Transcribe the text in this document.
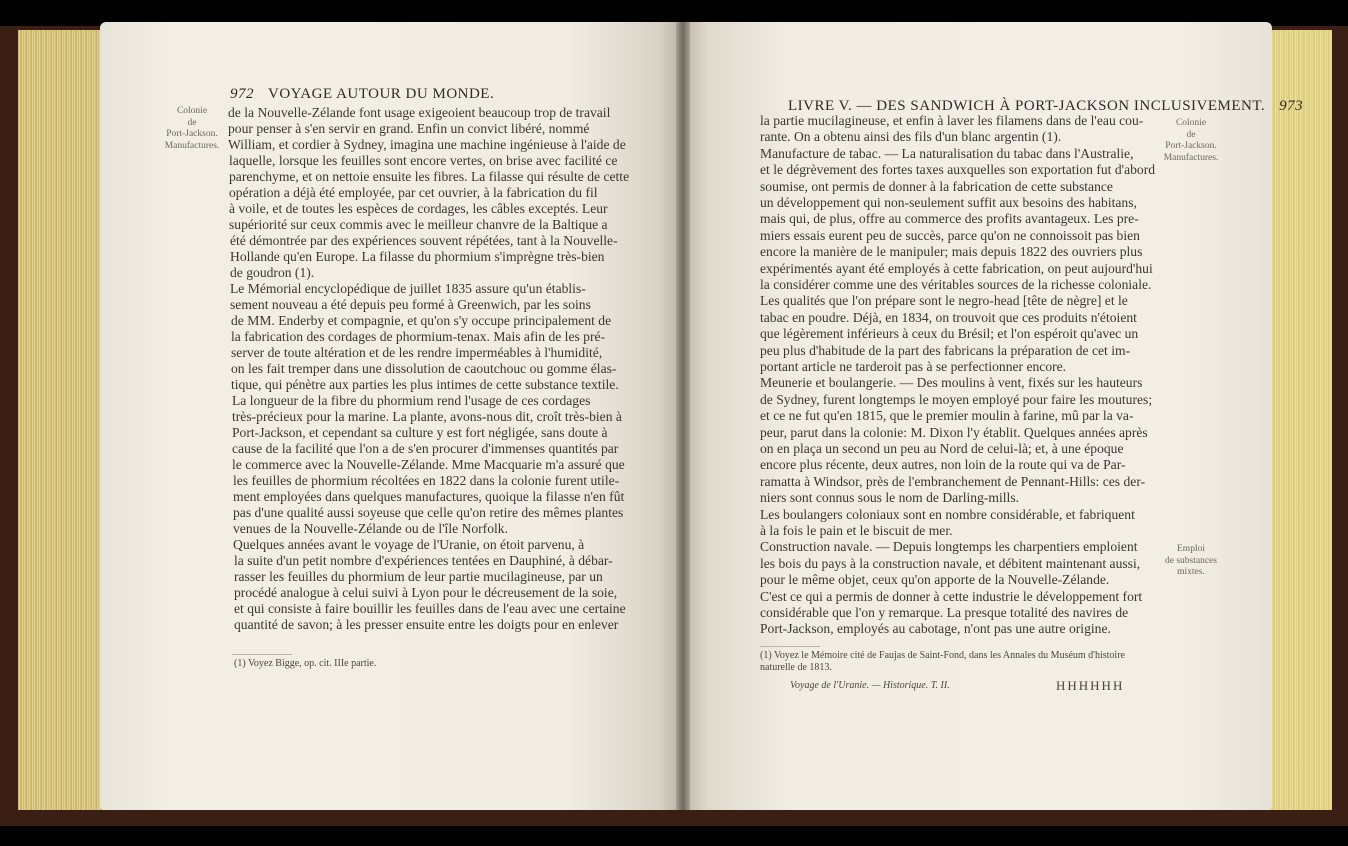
972 VOYAGE AUTOUR DU MONDE.
Colonie
de
Port-Jackson.
Manufactures.
de la Nouvelle-Zélande font usage exigeoient beaucoup trop de travail
pour penser à s'en servir en grand. Enfin un convict libéré, nommé
William, et cordier à Sydney, imagina une machine ingénieuse à l'aide de
laquelle, lorsque les feuilles sont encore vertes, on brise avec facilité ce
parenchyme, et on nettoie ensuite les fibres. La filasse qui résulte de cette
opération a déjà été employée, par cet ouvrier, à la fabrication du fil
à voile, et de toutes les espèces de cordages, les câbles exceptés. Leur
supériorité sur ceux commis avec le meilleur chanvre de la Baltique a
été démontrée par des expériences souvent répétées, tant à la Nouvelle-
Hollande qu'en Europe. La filasse du phormium s'imprègne très-bien
de goudron (1).
Le Mémorial encyclopédique de juillet 1835 assure qu'un établis-
sement nouveau a été depuis peu formé à Greenwich, par les soins
de MM. Enderby et compagnie, et qu'on s'y occupe principalement de
la fabrication des cordages de phormium-tenax. Mais afin de les pré-
server de toute altération et de les rendre imperméables à l'humidité,
on les fait tremper dans une dissolution de caoutchouc ou gomme élas-
tique, qui pénètre aux parties les plus intimes de cette substance textile.
La longueur de la fibre du phormium rend l'usage de ces cordages
très-précieux pour la marine. La plante, avons-nous dit, croît très-bien à
Port-Jackson, et cependant sa culture y est fort négligée, sans doute à
cause de la facilité que l'on a de s'en procurer d'immenses quantités par
le commerce avec la Nouvelle-Zélande. Mme Macquarie m'a assuré que
les feuilles de phormium récoltées en 1822 dans la colonie furent utile-
ment employées dans quelques manufactures, quoique la filasse n'en fût
pas d'une qualité aussi soyeuse que celle qu'on retire des mêmes plantes
venues de la Nouvelle-Zélande ou de l'île Norfolk.
Quelques années avant le voyage de l'Uranie, on étoit parvenu, à
la suite d'un petit nombre d'expériences tentées en Dauphiné, à débar-
rasser les feuilles du phormium de leur partie mucilagineuse, par un
procédé analogue à celui suivi à Lyon pour le décreusement de la soie,
et qui consiste à faire bouillir les feuilles dans de l'eau avec une certaine
quantité de savon; à les presser ensuite entre les doigts pour en enlever
(1) Voyez Bigge, op. cit. IIIe partie.
LIVRE V. — DES SANDWICH À PORT-JACKSON INCLUSIVEMENT. 973
Colonie
de
Port-Jackson.
Manufactures.
Emploi
de substances
mixtes.
la partie mucilagineuse, et enfin à laver les filamens dans de l'eau cou-
rante. On a obtenu ainsi des fils d'un blanc argentin (1).
Manufacture de tabac. — La naturalisation du tabac dans l'Australie,
et le dégrèvement des fortes taxes auxquelles son exportation fut d'abord
soumise, ont permis de donner à la fabrication de cette substance
un développement qui non-seulement suffit aux besoins des habitans,
mais qui, de plus, offre au commerce des profits avantageux. Les pre-
miers essais eurent peu de succès, parce qu'on ne connoissoit pas bien
encore la manière de le manipuler; mais depuis 1822 des ouvriers plus
expérimentés ayant été employés à cette fabrication, on peut aujourd'hui
la considérer comme une des véritables sources de la richesse coloniale.
Les qualités que l'on prépare sont le negro-head [tête de nègre] et le
tabac en poudre. Déjà, en 1834, on trouvoit que ces produits n'étoient
que légèrement inférieurs à ceux du Brésil; et l'on espéroit qu'avec un
peu plus d'habitude de la part des fabricans la préparation de cet im-
portant article ne tarderoit pas à se perfectionner encore.
Meunerie et boulangerie. — Des moulins à vent, fixés sur les hauteurs
de Sydney, furent longtemps le moyen employé pour faire les moutures;
et ce ne fut qu'en 1815, que le premier moulin à farine, mû par la va-
peur, parut dans la colonie: M. Dixon l'y établit. Quelques années après
on en plaça un second un peu au Nord de celui-là; et, à une époque
encore plus récente, deux autres, non loin de la route qui va de Par-
ramatta à Windsor, près de l'embranchement de Pennant-Hills: ces der-
niers sont connus sous le nom de Darling-mills.
Les boulangers coloniaux sont en nombre considérable, et fabriquent
à la fois le pain et le biscuit de mer.
Construction navale. — Depuis longtemps les charpentiers emploient
les bois du pays à la construction navale, et débitent maintenant aussi,
pour le même objet, ceux qu'on apporte de la Nouvelle-Zélande.
C'est ce qui a permis de donner à cette industrie le développement fort
considérable que l'on y remarque. La presque totalité des navires de
Port-Jackson, employés au cabotage, n'ont pas une autre origine.
(1) Voyez le Mémoire cité de Faujas de Saint-Fond, dans les Annales du Muséum d'histoire naturelle de 1813.
Voyage de l'Uranie. — Historique. T. II.	HHHHHH
